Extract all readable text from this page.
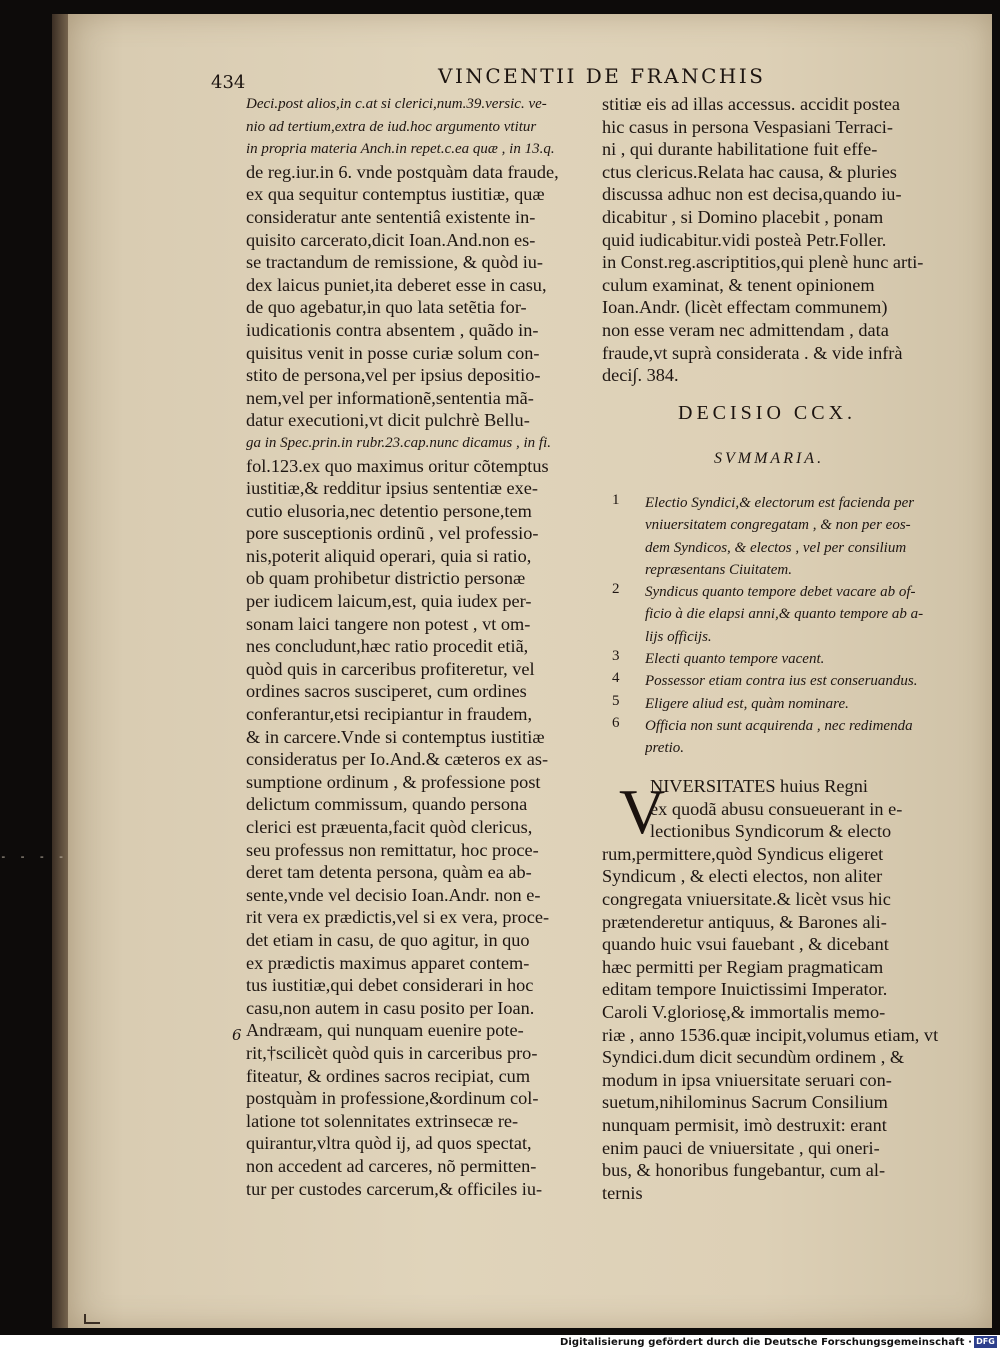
- - - -
434	VINCENTII DE FRANCHIS
Deci.post alios,in c.at si clerici,num.39.versic. ve-
nio ad tertium,extra de iud.hoc argumento vtitur
in propria materia Anch.in repet.c.ea quæ , in 13.q.
de reg.iur.in 6. vnde postquàm data fraude,
ex qua sequitur contemptus iustitiæ, quæ
consideratur ante sententiâ existente in-
quisito carcerato,dicit Ioan.And.non es-
se tractandum de remissione, & quòd iu-
dex laicus puniet,ita deberet esse in casu,
de quo agebatur,in quo lata setẽtia for-
iudicationis contra absentem , quãdo in-
quisitus venit in posse curiæ solum con-
stito de persona,vel per ipsius depositio-
nem,vel per informationẽ,sententia mã-
datur executioni,vt dicit pulchrè Bellu-
ga in Spec.prin.in rubr.23.cap.nunc dicamus , in fi.
fol.123.ex quo maximus oritur cõtemptus
iustitiæ,& redditur ipsius sententiæ exe-
cutio elusoria,nec detentio persone,tem
pore susceptionis ordinũ , vel professio-
nis,poterit aliquid operari, quia si ratio,
ob quam prohibetur districtio personæ
per iudicem laicum,est, quia iudex per-
sonam laici tangere non potest , vt om-
nes concludunt,hæc ratio procedit etiã,
quòd quis in carceribus profiteretur, vel
ordines sacros susciperet, cum ordines
conferantur,etsi recipiantur in fraudem,
& in carcere.Vnde si contemptus iustitiæ
consideratus per Io.And.& cæteros ex as-
sumptione ordinum , & professione post
delictum commissum, quando persona
clerici est præuenta,facit quòd clericus,
seu professus non remittatur, hoc proce-
deret tam detenta persona, quàm ea ab-
sente,vnde vel decisio Ioan.Andr. non e-
rit vera ex prædictis,vel si ex vera, proce-
det etiam in casu, de quo agitur, in quo
ex prædictis maximus apparet contem-
tus iustitiæ,qui debet considerari in hoc
casu,non autem in casu posito per Ioan.
Andræam, qui nunquam euenire pote-
rit,†scilicèt quòd quis in carceribus pro-
fiteatur, & ordines sacros recipiat, cum
postquàm in professione,&ordinum col-
latione tot solennitates extrinsecæ re-
quirantur,vltra quòd ij, ad quos spectat,
non accedent ad carceres, nõ permitten-
tur per custodes carcerum,& officiles iu-
6
stitiæ eis ad illas accessus. accidit postea
hic casus in persona Vespasiani Terraci-
ni , qui durante habilitatione fuit effe-
ctus clericus.Relata hac causa, & pluries
discussa adhuc non est decisa,quando iu-
dicabitur , si Domino placebit , ponam
quid iudicabitur.vidi posteà Petr.Foller.
in Const.reg.ascriptitios,qui plenè hunc arti-
culum examinat, & tenent opinionem
Ioan.Andr. (licèt effectam communem)
non esse veram nec admittendam , data
fraude,vt suprà considerata . & vide infrà
deci∫. 384.
DECISIO CCX.
SVMMARIA.
1 Electio Syndici,& electorum est facienda per
vniuersitatem congregatam , & non per eos-
dem Syndicos, & electos , vel per consilium
repræsentans Ciuitatem.
2 Syndicus quanto tempore debet vacare ab of-
ficio à die elapsi anni,& quanto tempore ab a-
lijs officijs.
3 Electi quanto tempore vacent.
4 Possessor etiam contra ius est conseruandus.
5 Eligere aliud est, quàm nominare.
6 Officia non sunt acquirenda , nec redimenda
pretio.
V
NIVERSITATES huius Regni
ex quodã abusu consueuerant in e-
lectionibus Syndicorum & electo
rum,permittere,quòd Syndicus eligeret
Syndicum , & electi electos, non aliter
congregata vniuersitate.& licèt vsus hic
prætenderetur antiquus, & Barones ali-
quando huic vsui fauebant , & dicebant
hæc permitti per Regiam pragmaticam
editam tempore Inuictissimi Imperator.
Caroli V.gloriosę,& immortalis memo-
riæ , anno 1536.quæ incipit,volumus etiam, vt
Syndici.dum dicit secundùm ordinem , &
modum in ipsa vniuersitate seruari con-
suetum,nihilominus Sacrum Consilium
nunquam permisit, imò destruxit: erant
enim pauci de vniuersitate , qui oneri-
bus, & honoribus fungebantur, cum al-
ternis
Digitalisierung gefördert durch die Deutsche Forschungsgemeinschaft · DFG
